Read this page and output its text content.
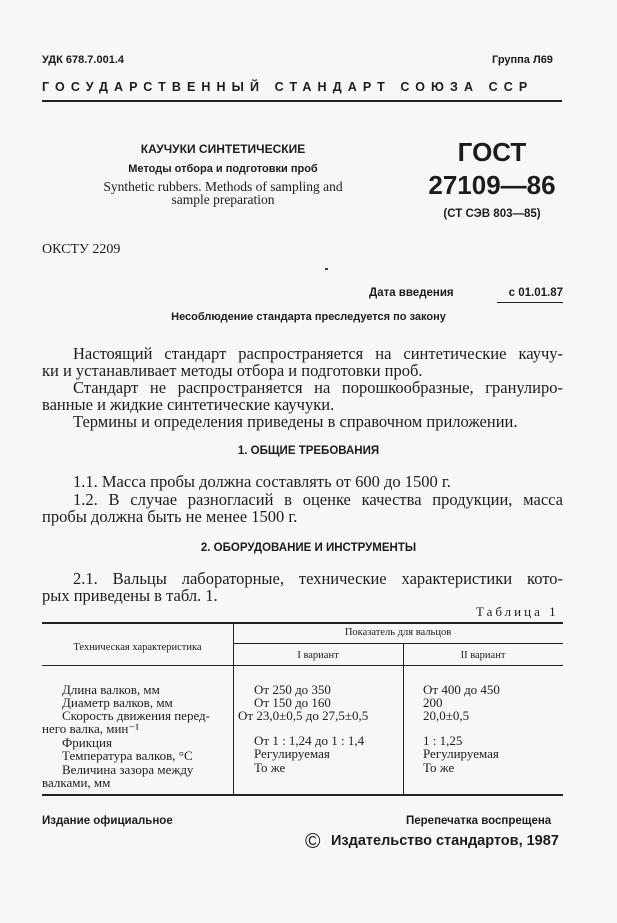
УДК 678.7.001.4	Группа Л69
ГОСУДАРСТВЕННЫЙ СТАНДАРТ СОЮЗА ССР
КАУЧУКИ СИНТЕТИЧЕСКИЕ
Методы отбора и подготовки проб
Synthetic rubbers. Methods of sampling and
sample preparation
ГОСТ
27109—86
(СТ СЭВ 803—85)
ОКСТУ 2209
Дата введения	с 01.01.87
Несоблюдение стандарта преследуется по закону
Настоящий стандарт распространяется на синтетические каучу-
ки и устанавливает методы отбора и подготовки проб.
Стандарт не распространяется на порошкообразные, гранулиро-
ванные и жидкие синтетические каучуки.
Термины и определения приведены в справочном приложении.
1. ОБЩИЕ ТРЕБОВАНИЯ
1.1. Масса пробы должна составлять от 600 до 1500 г.
1.2. В случае разногласий в оценке качества продукции, масса
пробы должна быть не менее 1500 г.
2. ОБОРУДОВАНИЕ И ИНСТРУМЕНТЫ
2.1. Вальцы лабораторные, технические характеристики кото-
рых приведены в табл. 1.
Таблица 1
Техническая характеристика
Показатель для вальцов
I вариант	II вариант
Длина валков, мм	От 250 до 350	От 400 до 450
Диаметр валков, мм	От 150 до 160	200
Скорость движения перед-
него валка, мин⁻¹
От 23,0±0,5 до 27,5±0,5	20,0±0,5
Фрикция	От 1 : 1,24 до 1 : 1,4	1 : 1,25
Температура валков, °С	Регулируемая	Регулируемая
Величина зазора между
валками, мм
То же	То же
Издание официальное	Перепечатка воспрещена
© Издательство стандартов, 1987
